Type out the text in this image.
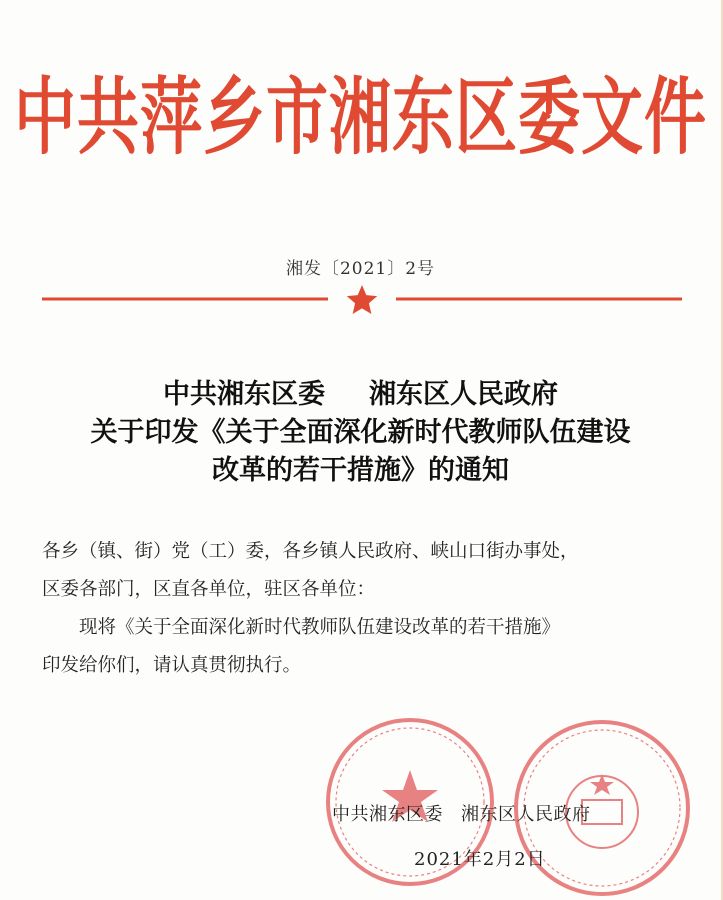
中共萍乡市湘东区委文件
湘发〔2021〕2号
中共湘东区委 湘东区人民政府
关于印发《关于全面深化新时代教师队伍建设
改革的若干措施》的通知

各乡（镇、街）党（工）委，各乡镇人民政府、峡山口街办事处，

区委各部门，区直各单位，驻区各单位：

现将《关于全面深化新时代教师队伍建设改革的若干措施》

印发给你们，请认真贯彻执行。

中共湘东区委 湘东区人民政府
2021年2月2日
